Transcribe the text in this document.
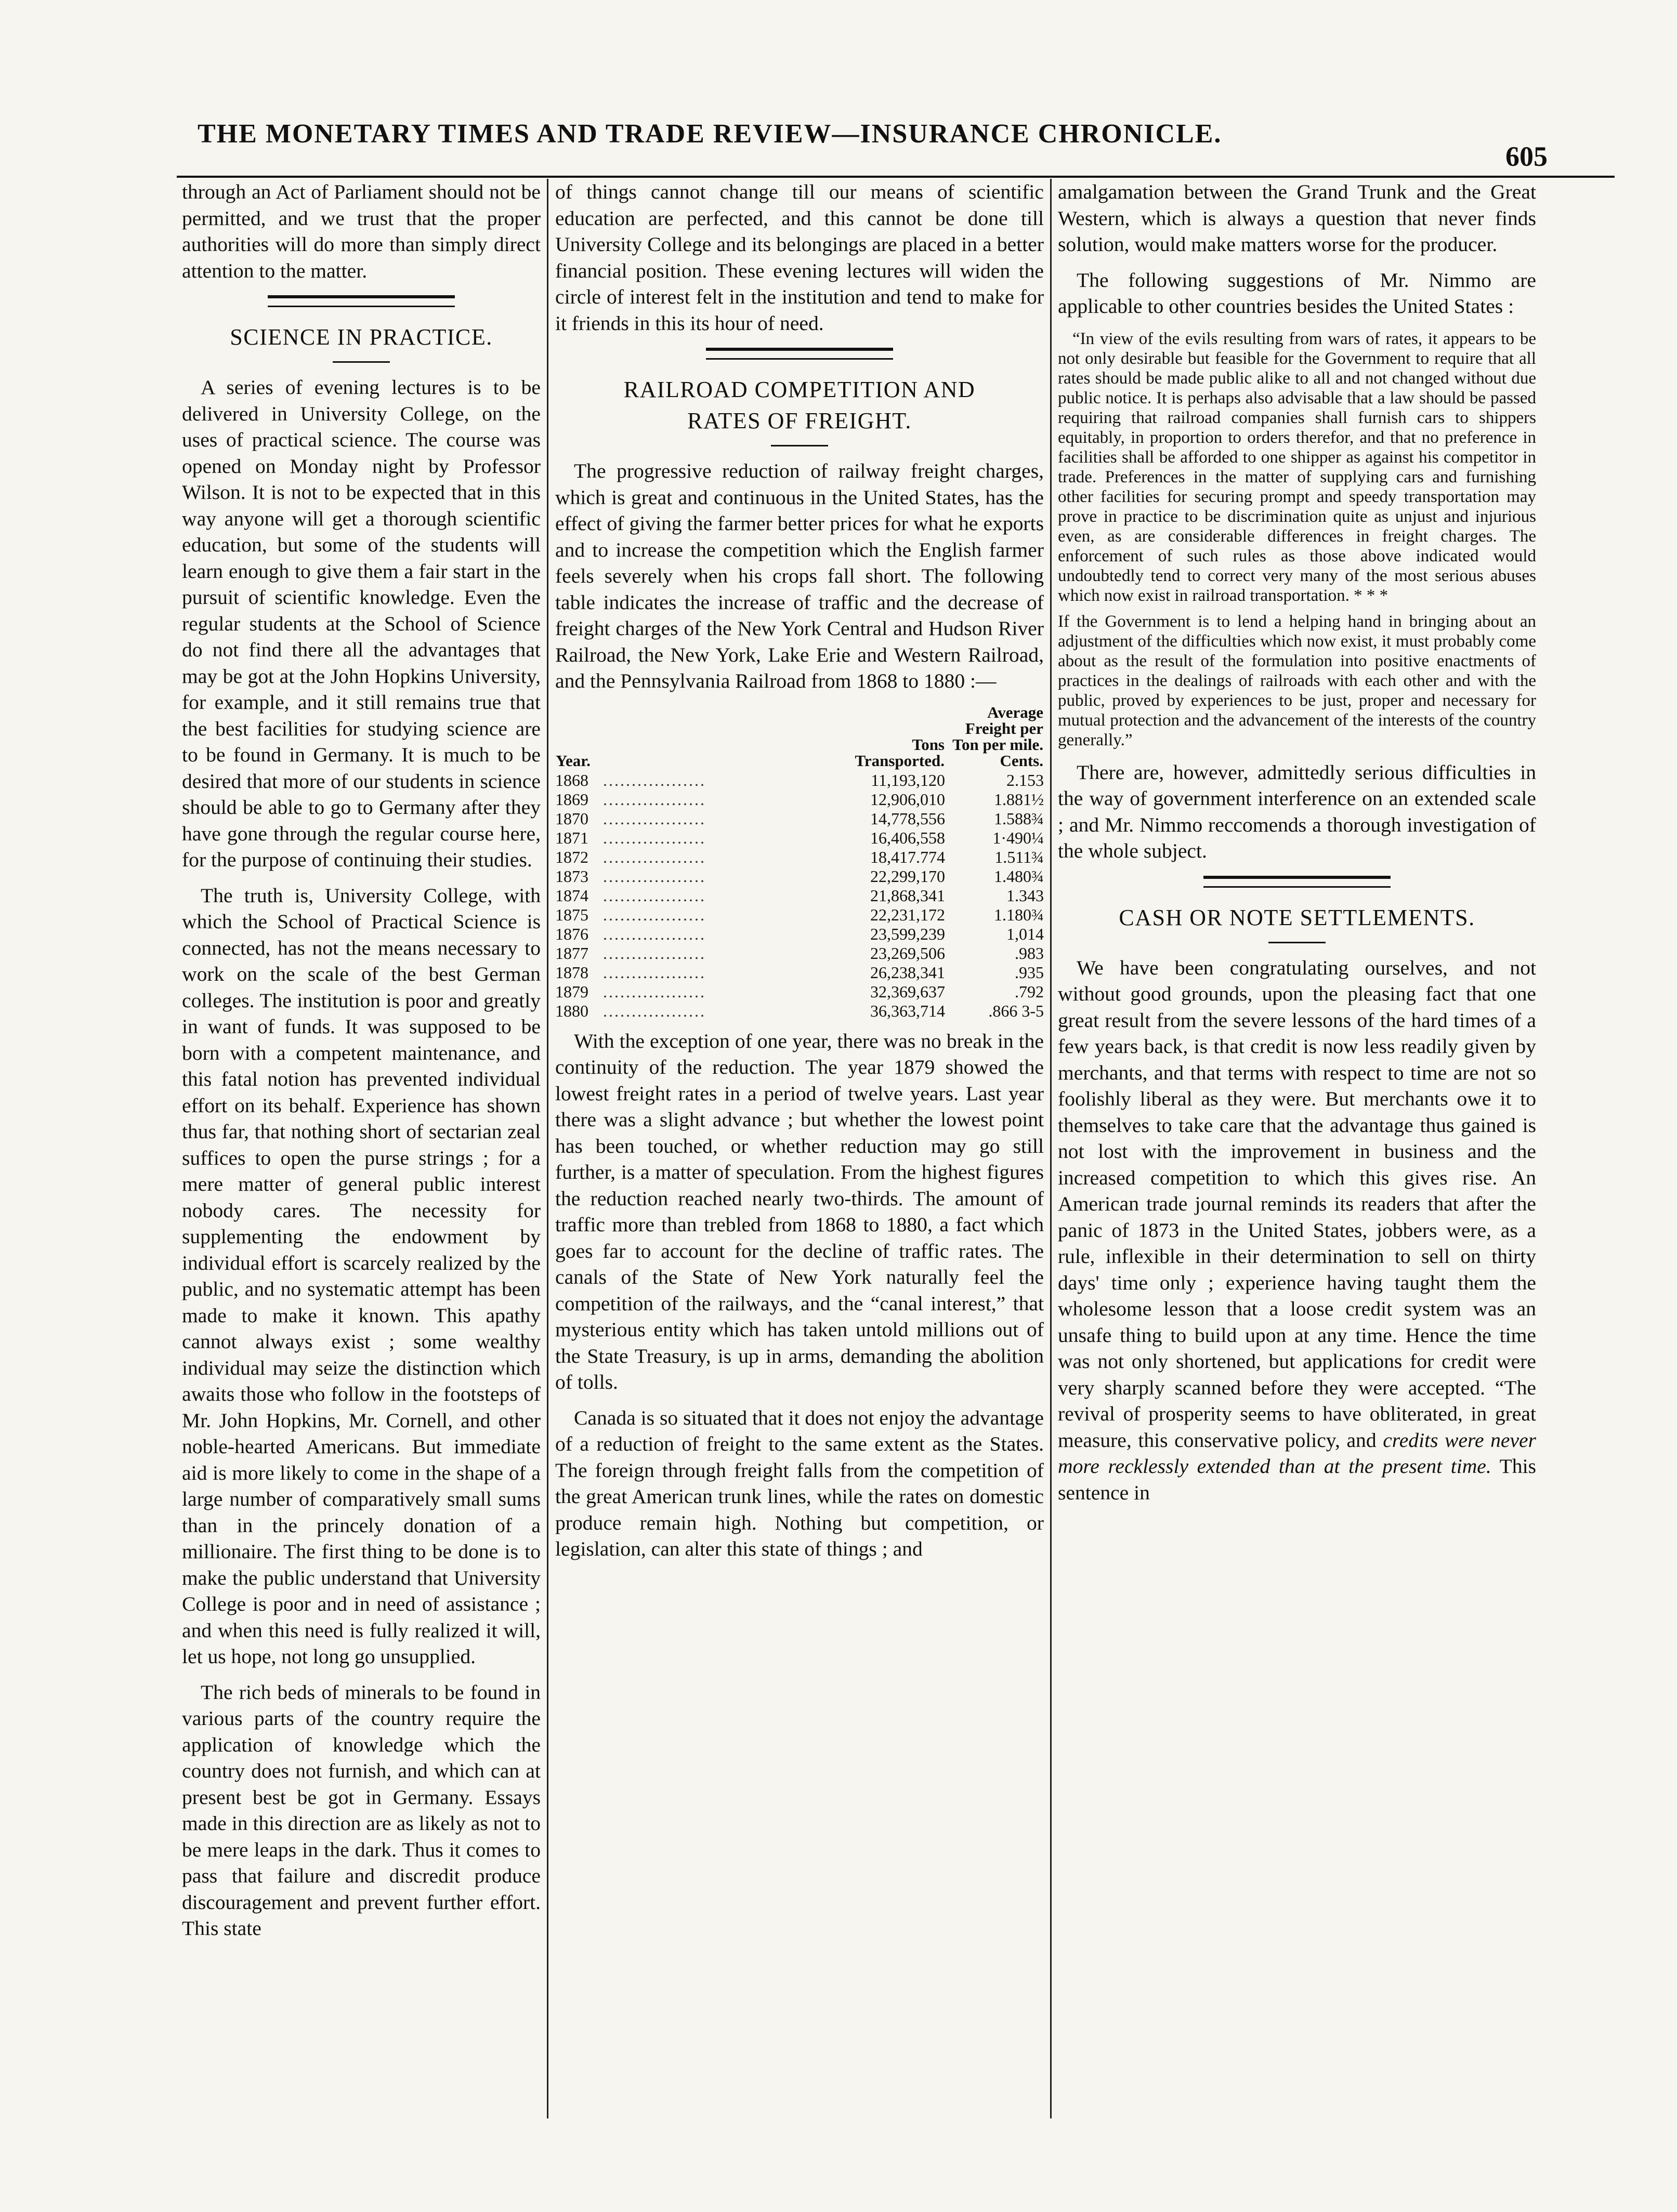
THE MONETARY TIMES AND TRADE REVIEW—INSURANCE CHRONICLE.
605

through an Act of Parliament should not be permitted, and we trust that the proper authorities will do more than simply direct attention to the matter.

SCIENCE IN PRACTICE.

A series of evening lectures is to be delivered in University College, on the uses of practical science. The course was opened on Monday night by Professor Wilson. It is not to be expected that in this way anyone will get a thorough scientific education, but some of the students will learn enough to give them a fair start in the pursuit of scientific knowledge. Even the regular students at the School of Science do not find there all the advantages that may be got at the John Hopkins University, for example, and it still remains true that the best facilities for studying science are to be found in Germany. It is much to be desired that more of our students in science should be able to go to Germany after they have gone through the regular course here, for the purpose of continuing their studies.

The truth is, University College, with which the School of Practical Science is connected, has not the means necessary to work on the scale of the best German colleges. The institution is poor and greatly in want of funds. It was supposed to be born with a competent maintenance, and this fatal notion has prevented individual effort on its behalf. Experience has shown thus far, that nothing short of sectarian zeal suffices to open the purse strings ; for a mere matter of general public interest nobody cares. The necessity for supplementing the endowment by individual effort is scarcely realized by the public, and no systematic attempt has been made to make it known. This apathy cannot always exist ; some wealthy individual may seize the distinction which awaits those who follow in the footsteps of Mr. John Hopkins, Mr. Cornell, and other noble-hearted Americans. But immediate aid is more likely to come in the shape of a large number of comparatively small sums than in the princely donation of a millionaire. The first thing to be done is to make the public understand that University College is poor and in need of assistance ; and when this need is fully realized it will, let us hope, not long go unsupplied.

The rich beds of minerals to be found in various parts of the country require the application of knowledge which the country does not furnish, and which can at present best be got in Germany. Essays made in this direction are as likely as not to be mere leaps in the dark. Thus it comes to pass that failure and discredit produce discouragement and prevent further effort. This state

of things cannot change till our means of scientific education are perfected, and this cannot be done till University College and its belongings are placed in a better financial position. These evening lectures will widen the circle of interest felt in the institution and tend to make for it friends in this its hour of need.

RAILROAD COMPETITION AND
RATES OF FREIGHT.

The progressive reduction of railway freight charges, which is great and continuous in the United States, has the effect of giving the farmer better prices for what he exports and to increase the competition which the English farmer feels severely when his crops fall short. The following table indicates the increase of traffic and the decrease of freight charges of the New York Central and Hudson River Railroad, the New York, Lake Erie and Western Railroad, and the Pennsylvania Railroad from 1868 to 1880 :—

Year.		Tons Transported.	Average Freight per Ton per mile. Cents.
1868	..................	11,193,120	2.153
1869	..................	12,906,010	1.881½
1870	..................	14,778,556	1.588¾
1871	..................	16,406,558	1·490¼
1872	..................	18,417.774	1.511¾
1873	..................	22,299,170	1.480¾
1874	..................	21,868,341	1.343
1875	..................	22,231,172	1.180¾
1876	..................	23,599,239	1,014
1877	..................	23,269,506	.983
1878	..................	26,238,341	.935
1879	..................	32,369,637	.792
1880	..................	36,363,714	.866 3-5

With the exception of one year, there was no break in the continuity of the reduction. The year 1879 showed the lowest freight rates in a period of twelve years. Last year there was a slight advance ; but whether the lowest point has been touched, or whether reduction may go still further, is a matter of speculation. From the highest figures the reduction reached nearly two-thirds. The amount of traffic more than trebled from 1868 to 1880, a fact which goes far to account for the decline of traffic rates. The canals of the State of New York naturally feel the competition of the railways, and the “canal interest,” that mysterious entity which has taken untold millions out of the State Treasury, is up in arms, demanding the abolition of tolls.

Canada is so situated that it does not enjoy the advantage of a reduction of freight to the same extent as the States. The foreign through freight falls from the competition of the great American trunk lines, while the rates on domestic produce remain high. Nothing but competition, or legislation, can alter this state of things ; and

amalgamation between the Grand Trunk and the Great Western, which is always a question that never finds solution, would make matters worse for the producer.

The following suggestions of Mr. Nimmo are applicable to other countries besides the United States :

“In view of the evils resulting from wars of rates, it appears to be not only desirable but feasible for the Government to require that all rates should be made public alike to all and not changed without due public notice. It is perhaps also advisable that a law should be passed requiring that railroad companies shall furnish cars to shippers equitably, in proportion to orders therefor, and that no preference in facilities shall be afforded to one shipper as against his competitor in trade. Preferences in the matter of supplying cars and furnishing other facilities for securing prompt and speedy transportation may prove in practice to be discrimination quite as unjust and injurious even, as are considerable differences in freight charges. The enforcement of such rules as those above indicated would undoubtedly tend to correct very many of the most serious abuses which now exist in railroad transportation. * * *

If the Government is to lend a helping hand in bringing about an adjustment of the difficulties which now exist, it must probably come about as the result of the formulation into positive enactments of practices in the dealings of railroads with each other and with the public, proved by experiences to be just, proper and necessary for mutual protection and the advancement of the interests of the country generally.”

There are, however, admittedly serious difficulties in the way of government interference on an extended scale ; and Mr. Nimmo reccomends a thorough investigation of the whole subject.

CASH OR NOTE SETTLEMENTS.

We have been congratulating ourselves, and not without good grounds, upon the pleasing fact that one great result from the severe lessons of the hard times of a few years back, is that credit is now less readily given by merchants, and that terms with respect to time are not so foolishly liberal as they were. But merchants owe it to themselves to take care that the advantage thus gained is not lost with the improvement in business and the increased competition to which this gives rise. An American trade journal reminds its readers that after the panic of 1873 in the United States, jobbers were, as a rule, inflexible in their determination to sell on thirty days' time only ; experience having taught them the wholesome lesson that a loose credit system was an unsafe thing to build upon at any time. Hence the time was not only shortened, but applications for credit were very sharply scanned before they were accepted. “The revival of prosperity seems to have obliterated, in great measure, this conservative policy, and credits were never more recklessly extended than at the present time. This sentence in
